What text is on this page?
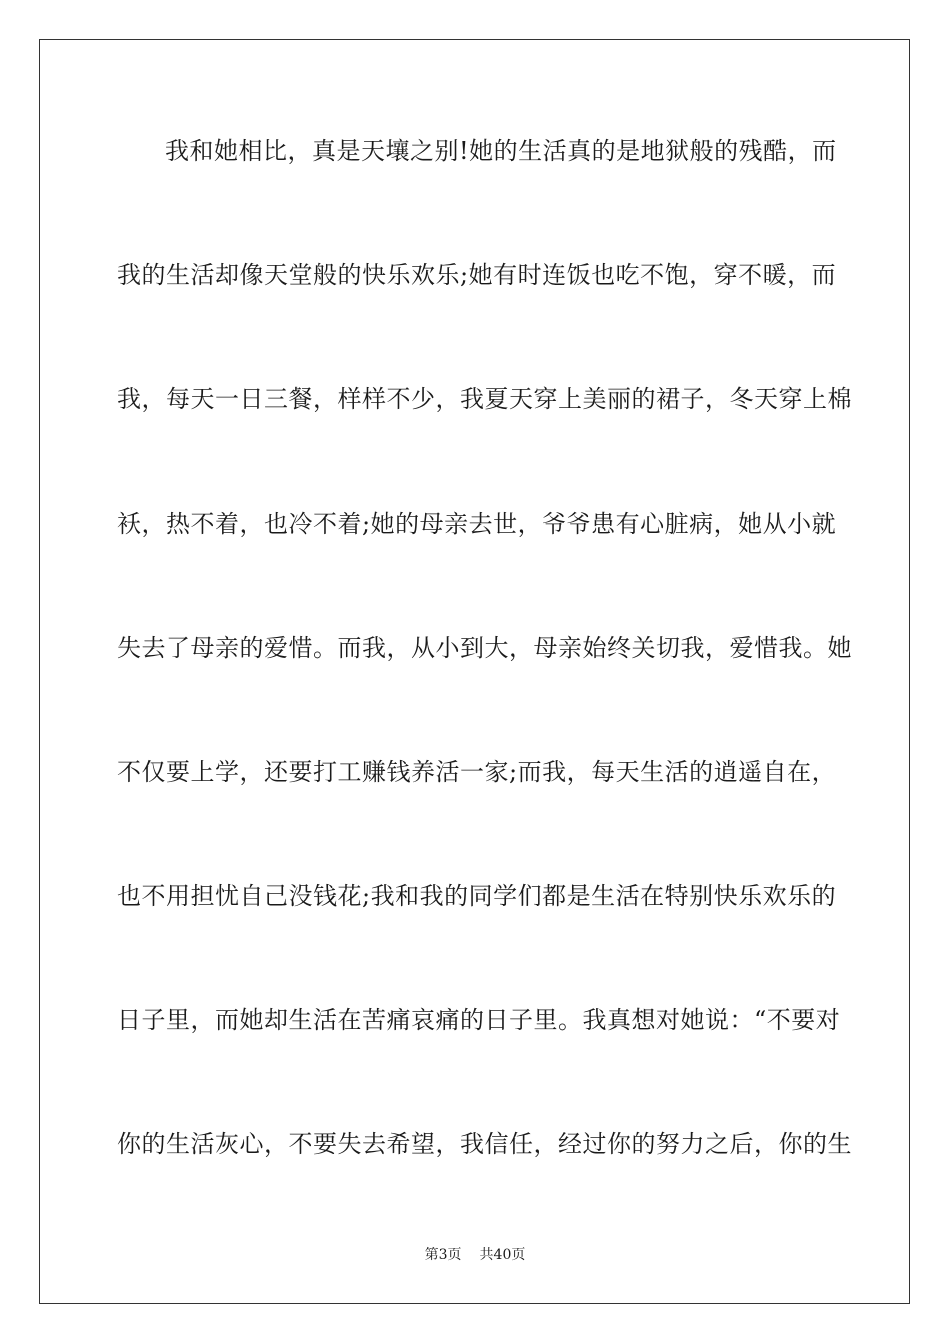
我和她相比，真是天壤之别!她的生活真的是地狱般的残酷，而
我的生活却像天堂般的快乐欢乐;她有时连饭也吃不饱，穿不暖，而
我，每天一日三餐，样样不少，我夏天穿上美丽的裙子，冬天穿上棉
袄，热不着，也冷不着;她的母亲去世，爷爷患有心脏病，她从小就
失去了母亲的爱惜。而我，从小到大，母亲始终关切我，爱惜我。她
不仅要上学，还要打工赚钱养活一家;而我，每天生活的逍遥自在，
也不用担忧自己没钱花;我和我的同学们都是生活在特别快乐欢乐的
日子里，而她却生活在苦痛哀痛的日子里。我真想对她说：“不要对
你的生活灰心，不要失去希望，我信任，经过你的努力之后，你的生
第3页 共40页
